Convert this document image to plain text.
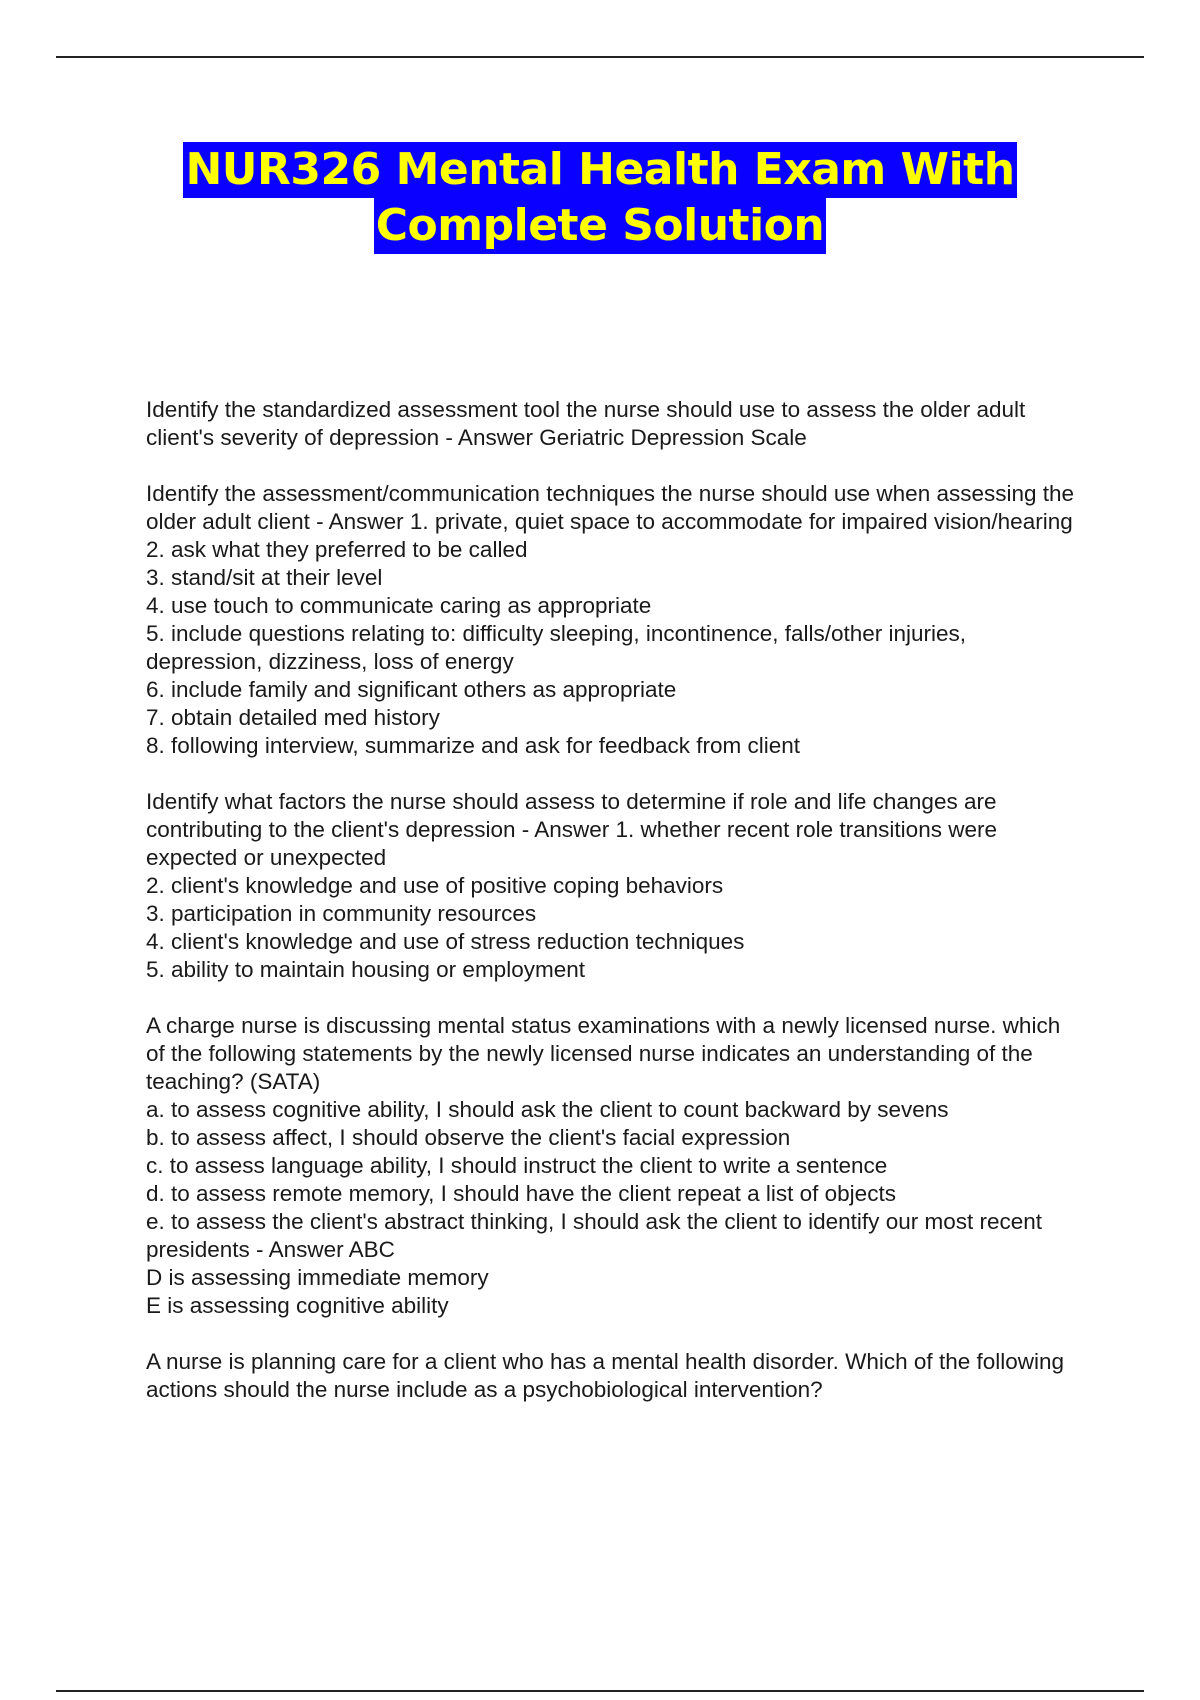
NUR326 Mental Health Exam With
Complete Solution
Identify the standardized assessment tool the nurse should use to assess the older adult client's severity of depression - Answer Geriatric Depression Scale
Identify the assessment/communication techniques the nurse should use when assessing the older adult client - Answer 1. private, quiet space to accommodate for impaired vision/hearing
2. ask what they preferred to be called
3. stand/sit at their level
4. use touch to communicate caring as appropriate
5. include questions relating to: difficulty sleeping, incontinence, falls/other injuries, depression, dizziness, loss of energy
6. include family and significant others as appropriate
7. obtain detailed med history
8. following interview, summarize and ask for feedback from client
Identify what factors the nurse should assess to determine if role and life changes are contributing to the client's depression - Answer 1. whether recent role transitions were expected or unexpected
2. client's knowledge and use of positive coping behaviors
3. participation in community resources
4. client's knowledge and use of stress reduction techniques
5. ability to maintain housing or employment
A charge nurse is discussing mental status examinations with a newly licensed nurse. which of the following statements by the newly licensed nurse indicates an understanding of the teaching? (SATA)
a. to assess cognitive ability, I should ask the client to count backward by sevens
b. to assess affect, I should observe the client's facial expression
c. to assess language ability, I should instruct the client to write a sentence
d. to assess remote memory, I should have the client repeat a list of objects
e. to assess the client's abstract thinking, I should ask the client to identify our most recent presidents - Answer ABC
D is assessing immediate memory
E is assessing cognitive ability
A nurse is planning care for a client who has a mental health disorder. Which of the following actions should the nurse include as a psychobiological intervention?
